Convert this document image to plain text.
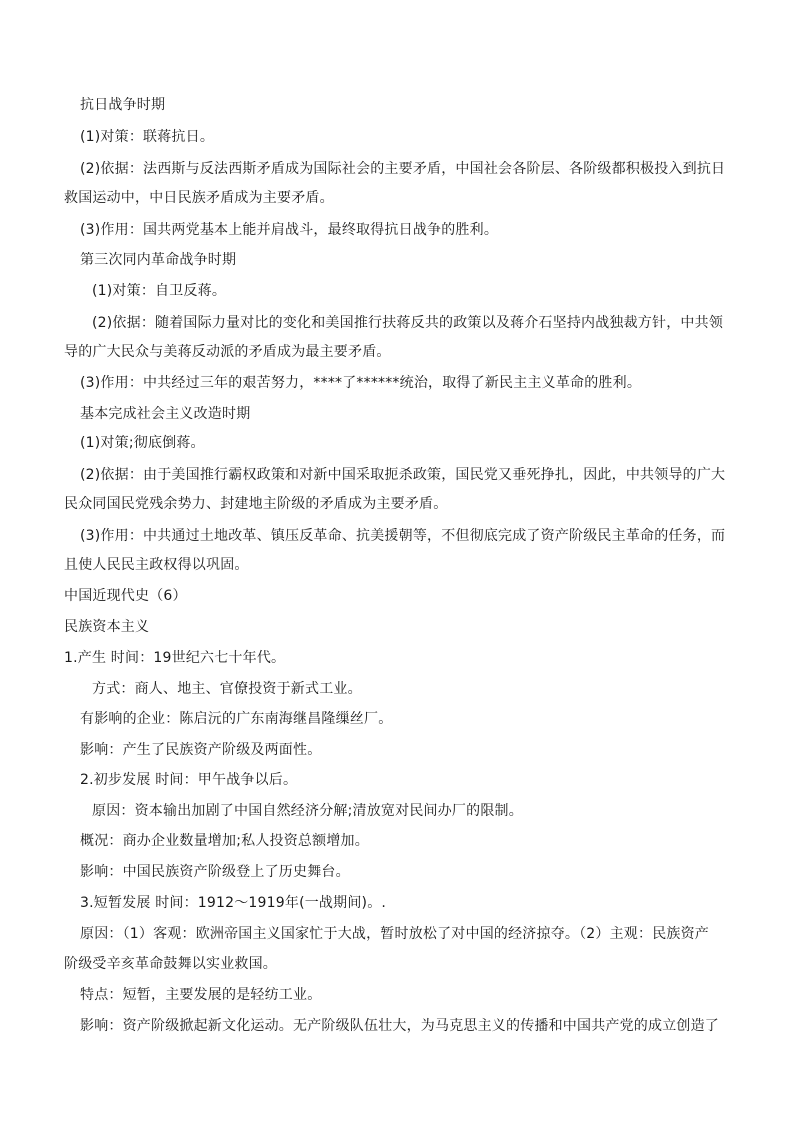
抗日战争时期
(1)对策：联蒋抗日。
(2)依据：法西斯与反法西斯矛盾成为国际社会的主要矛盾，中国社会各阶层、各阶级都积极投入到抗日
救国运动中，中日民族矛盾成为主要矛盾。
(3)作用：国共两党基本上能并肩战斗，最终取得抗日战争的胜利。
第三次同内革命战争时期
(1)对策：自卫反蒋。
(2)依据：随着国际力量对比的变化和美国推行扶蒋反共的政策以及蒋介石坚持内战独裁方针，中共领
导的广大民众与美蒋反动派的矛盾成为最主要矛盾。
(3)作用：中共经过三年的艰苦努力，****了******统治，取得了新民主主义革命的胜利。
基本完成社会主义改造时期
(1)对策;彻底倒蒋。
(2)依据：由于美国推行霸权政策和对新中国采取扼杀政策，国民党又垂死挣扎，因此，中共领导的广大
民众同国民党残余势力、封建地主阶级的矛盾成为主要矛盾。
(3)作用：中共通过土地改革、镇压反革命、抗美援朝等，不但彻底完成了资产阶级民主革命的任务，而
且使人民民主政权得以巩固。
中国近现代史（6）
民族资本主义
1.产生 时间：19世纪六七十年代。
方式：商人、地主、官僚投资于新式工业。
有影响的企业：陈启沅的广东南海继昌隆缫丝厂。
影响：产生了民族资产阶级及两面性。
2.初步发展 时间：甲午战争以后。
原因：资本输出加剧了中国自然经济分解;清放宽对民间办厂的限制。
概况：商办企业数量增加;私人投资总额增加。
影响：中国民族资产阶级登上了历史舞台。
3.短暂发展 时间：1912～1919年(一战期间)。.
原因：（1）客观：欧洲帝国主义国家忙于大战，暂时放松了对中国的经济掠夺。（2）主观：民族资产
阶级受辛亥革命鼓舞以实业救国。
特点：短暂，主要发展的是轻纺工业。
影响：资产阶级掀起新文化运动。无产阶级队伍壮大，为马克思主义的传播和中国共产党的成立创造了
